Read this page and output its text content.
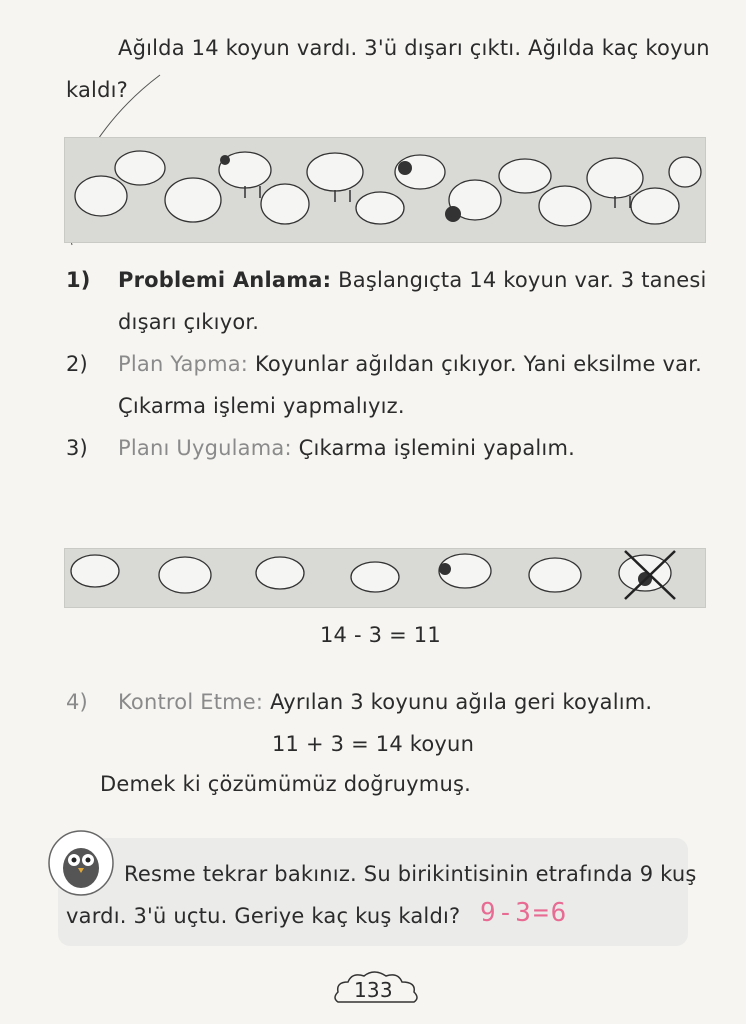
Ağılda 14 koyun vardı. 3'ü dışarı çıktı. Ağılda kaç koyun
kaldı?
1) Problemi Anlama: Başlangıçta 14 koyun var. 3 tanesi
dışarı çıkıyor.
2) Plan Yapma: Koyunlar ağıldan çıkıyor. Yani eksilme var.
Çıkarma işlemi yapmalıyız.
3) Planı Uygulama: Çıkarma işlemini yapalım.
14 - 3 = 11
4) Kontrol Etme: Ayrılan 3 koyunu ağıla geri koyalım.
11 + 3 = 14 koyun
Demek ki çözümümüz doğruymuş.
Resme tekrar bakınız. Su birikintisinin etrafında 9 kuş
vardı. 3'ü uçtu. Geriye kaç kuş kaldı? 9-3=6
133
